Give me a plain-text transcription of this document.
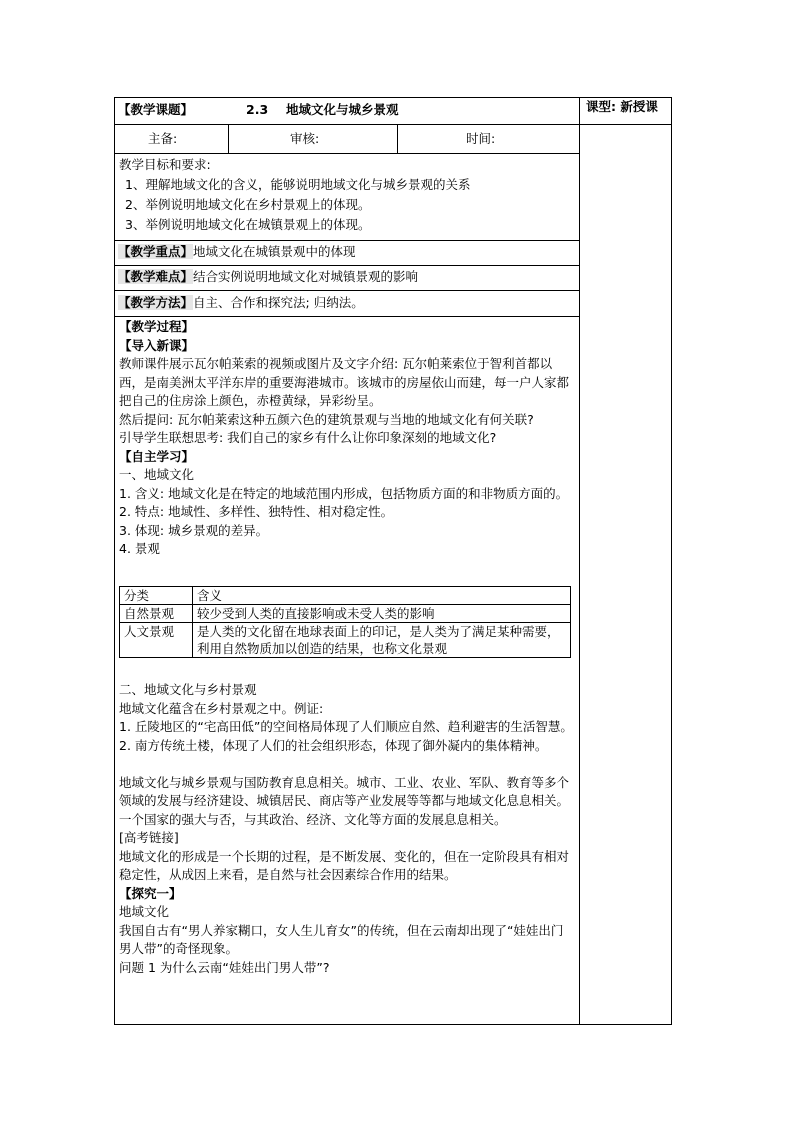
【教学课题】	2.3 地域文化与城乡景观	课型: 新授课
主备:	审核:	时间:

教学目标和要求:

1、理解地域文化的含义，能够说明地域文化与城乡景观的关系

2、举例说明地域文化在乡村景观上的体现。

3、举例说明地域文化在城镇景观上的体现。

【教学重点】地域文化在城镇景观中的体现
【教学难点】结合实例说明地域文化对城镇景观的影响
【教学方法】自主、合作和探究法; 归纳法。

【教学过程】

【导入新课】

教师课件展示瓦尔帕莱索的视频或图片及文字介绍: 瓦尔帕莱索位于智利首都以西，是南美洲太平洋东岸的重要海港城市。该城市的房屋依山而建，每一户人家都把自己的住房涂上颜色，赤橙黄绿，异彩纷呈。

然后提问: 瓦尔帕莱索这种五颜六色的建筑景观与当地的地域文化有何关联?

引导学生联想思考: 我们自己的家乡有什么让你印象深刻的地域文化?

【自主学习】

一、地域文化

1. 含义: 地域文化是在特定的地域范围内形成，包括物质方面的和非物质方面的。

2. 特点: 地域性、多样性、独特性、相对稳定性。

3. 体现: 城乡景观的差异。

4. 景观

分类	含义
自然景观	较少受到人类的直接影响或未受人类的影响
人文景观	是人类的文化留在地球表面上的印记，是人类为了满足某种需要，利用自然物质加以创造的结果，也称文化景观

二、地域文化与乡村景观

地域文化蕴含在乡村景观之中。例证:

1. 丘陵地区的“宅高田低”的空间格局体现了人们顺应自然、趋利避害的生活智慧。

2. 南方传统土楼，体现了人们的社会组织形态，体现了御外凝内的集体精神。

地域文化与城乡景观与国防教育息息相关。城市、工业、农业、军队、教育等多个领域的发展与经济建设、城镇居民、商店等产业发展等等都与地域文化息息相关。一个国家的强大与否，与其政治、经济、文化等方面的发展息息相关。

[高考链接]

地域文化的形成是一个长期的过程，是不断发展、变化的，但在一定阶段具有相对稳定性，从成因上来看，是自然与社会因素综合作用的结果。

【探究一】

地域文化

我国自古有“男人养家糊口，女人生儿育女”的传统，但在云南却出现了“娃娃出门男人带”的奇怪现象。

问题 1 为什么云南“娃娃出门男人带”?
